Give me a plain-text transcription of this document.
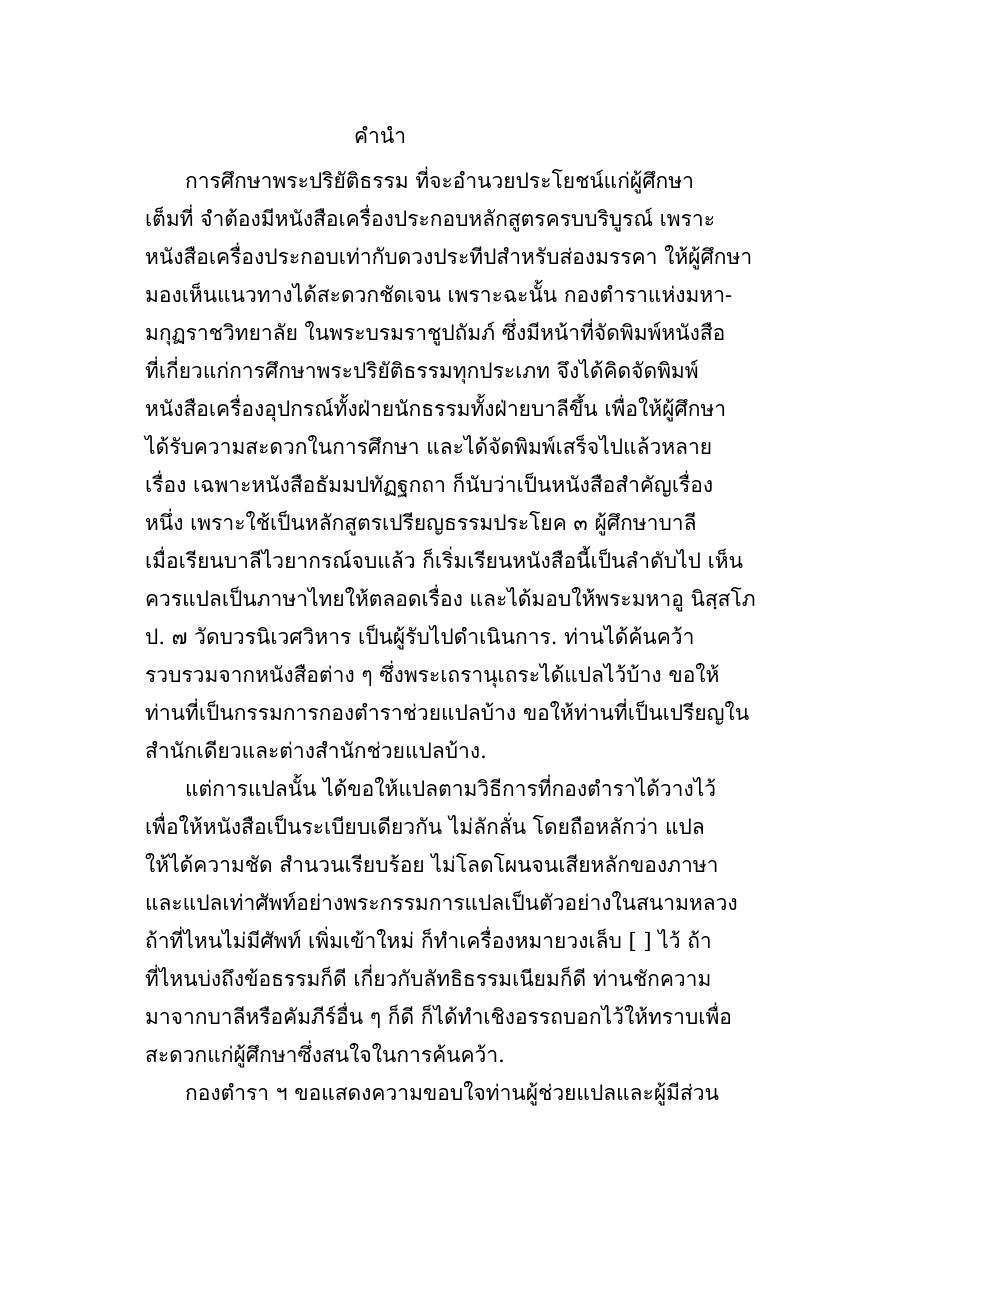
คำนำ
การศึกษาพระปริยัติธรรม ที่จะอำนวยประโยชน์แก่ผู้ศึกษา
เต็มที่ จำต้องมีหนังสือเครื่องประกอบหลักสูตรครบบริบูรณ์ เพราะ
หนังสือเครื่องประกอบเท่ากับดวงประทีปสำหรับส่องมรรคา ให้ผู้ศึกษา
มองเห็นแนวทางได้สะดวกชัดเจน เพราะฉะนั้น กองตำราแห่งมหา-
มกุฏราชวิทยาลัย ในพระบรมราชูปถัมภ์ ซึ่งมีหน้าที่จัดพิมพ์หนังสือ
ที่เกี่ยวแก่การศึกษาพระปริยัติธรรมทุกประเภท จึงได้คิดจัดพิมพ์
หนังสือเครื่องอุปกรณ์ทั้งฝ่ายนักธรรมทั้งฝ่ายบาลีขึ้น เพื่อให้ผู้ศึกษา
ได้รับความสะดวกในการศึกษา และได้จัดพิมพ์เสร็จไปแล้วหลาย
เรื่อง เฉพาะหนังสือธัมมปทัฏฐกถา ก็นับว่าเป็นหนังสือสำคัญเรื่อง
หนึ่ง เพราะใช้เป็นหลักสูตรเปรียญธรรมประโยค ๓ ผู้ศึกษาบาลี
เมื่อเรียนบาลีไวยากรณ์จบแล้ว ก็เริ่มเรียนหนังสือนี้เป็นลำดับไป เห็น
ควรแปลเป็นภาษาไทยให้ตลอดเรื่อง และได้มอบให้พระมหาอู นิสฺสโภ
ป. ๗ วัดบวรนิเวศวิหาร เป็นผู้รับไปดำเนินการ. ท่านได้ค้นคว้า
รวบรวมจากหนังสือต่าง ๆ ซึ่งพระเถรานุเถระได้แปลไว้บ้าง ขอให้
ท่านที่เป็นกรรมการกองตำราช่วยแปลบ้าง ขอให้ท่านที่เป็นเปรียญใน
สำนักเดียวและต่างสำนักช่วยแปลบ้าง.
แต่การแปลนั้น ได้ขอให้แปลตามวิธีการที่กองตำราได้วางไว้
เพื่อให้หนังสือเป็นระเบียบเดียวกัน ไม่ลักลั่น โดยถือหลักว่า แปล
ให้ได้ความชัด สำนวนเรียบร้อย ไม่โลดโผนจนเสียหลักของภาษา
และแปลเท่าศัพท์อย่างพระกรรมการแปลเป็นตัวอย่างในสนามหลวง
ถ้าที่ไหนไม่มีศัพท์ เพิ่มเข้าใหม่ ก็ทำเครื่องหมายวงเล็บ [ ] ไว้ ถ้า
ที่ไหนบ่งถึงข้อธรรมก็ดี เกี่ยวกับลัทธิธรรมเนียมก็ดี ท่านชักความ
มาจากบาลีหรือคัมภีร์อื่น ๆ ก็ดี ก็ได้ทำเชิงอรรถบอกไว้ให้ทราบเพื่อ
สะดวกแก่ผู้ศึกษาซึ่งสนใจในการค้นคว้า.
กองตำรา ฯ ขอแสดงความขอบใจท่านผู้ช่วยแปลและผู้มีส่วน
